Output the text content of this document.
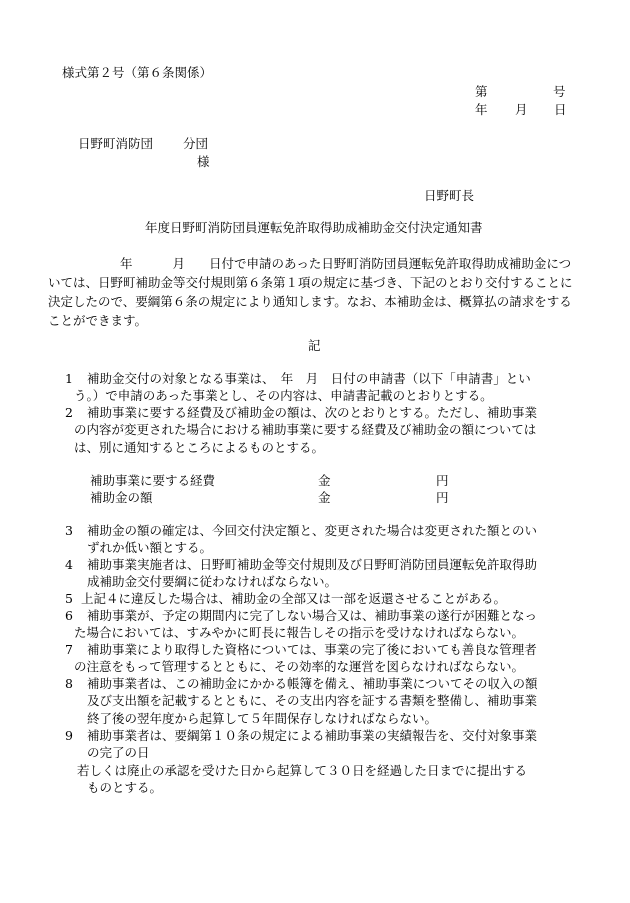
様式第２号（第６条関係）
第	号
年 月 日
日野町消防団 分団
様
日野町長
年度日野町消防団員運転免許取得助成補助金交付決定通知書
年	月 日付で申請のあった日野町消防団員運転免許取得助成補助金については、日野町補助金等交付規則第６条第１項の規定に基づき、下記のとおり交付することに決定したので、要綱第６条の規定により通知します。なお、本補助金は、概算払の請求をすることができます。
記
1 補助金交付の対象となる事業は、　年　月　日付の申請書（以下「申請書」とい
う。）で申請のあった事業とし、その内容は、申請書記載のとおりとする。
2 補助事業に要する経費及び補助金の額は、次のとおりとする。ただし、補助事業
の内容が変更された場合における補助事業に要する経費及び補助金の額については
は、別に通知するところによるものとする。
補助事業に要する経費	金	円
補助金の額	金	円
3 補助金の額の確定は、今回交付決定額と、変更された場合は変更された額とのい
ずれか低い額とする。
4 補助事業実施者は、日野町補助金等交付規則及び日野町消防団員運転免許取得助
成補助金交付要綱に従わなければならない。
5 上記４に違反した場合は、補助金の全部又は一部を返還させることがある。
6 補助事業が、予定の期間内に完了しない場合又は、補助事業の遂行が困難となっ
た場合においては、すみやかに町長に報告しその指示を受けなければならない。
7 補助事業により取得した資格については、事業の完了後においても善良な管理者
の注意をもって管理するとともに、その効率的な運営を図らなければならない。
8 補助事業者は、この補助金にかかる帳簿を備え、補助事業についてその収入の額
及び支出額を記載するとともに、その支出内容を証する書類を整備し、補助事業
終了後の翌年度から起算して５年間保存しなければならない。
9 補助事業者は、要綱第１０条の規定による補助事業の実績報告を、交付対象事業
の完了の日
若しくは廃止の承認を受けた日から起算して３０日を経過した日までに提出する
ものとする。
